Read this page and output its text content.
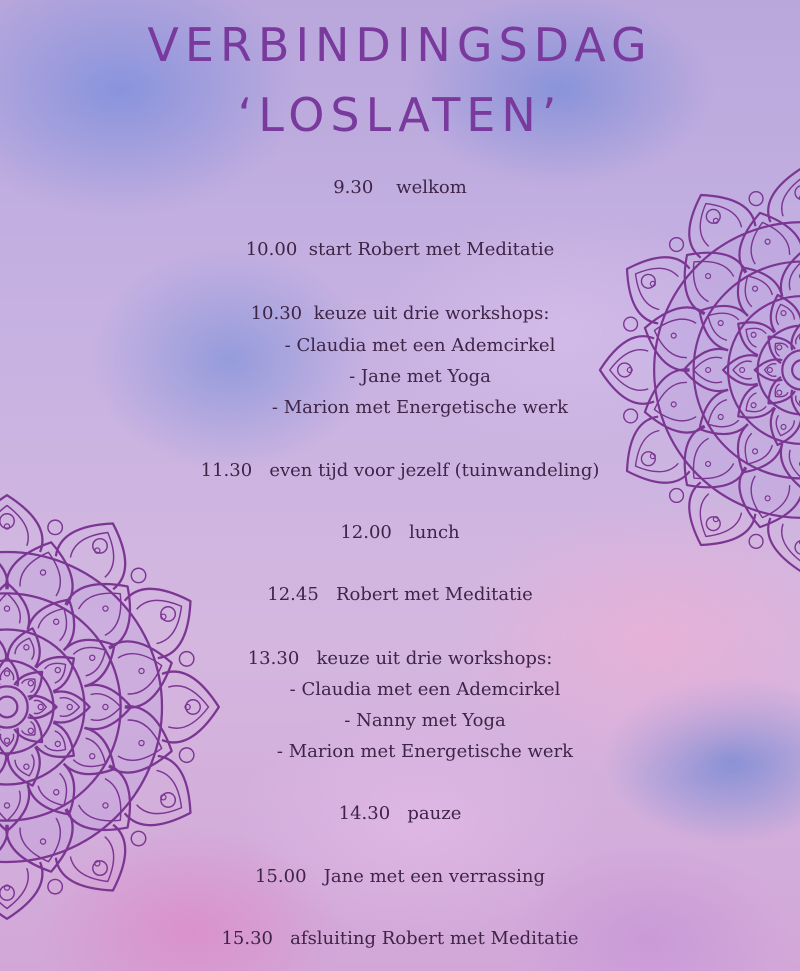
VERBINDINGSDAG
‘LOSLATEN’
9.30 welkom
10.00 start Robert met Meditatie
10.30 keuze uit drie workshops:
- Claudia met een Ademcirkel
- Jane met Yoga
- Marion met Energetische werk
11.30 even tijd voor jezelf (tuinwandeling)
12.00 lunch
12.45 Robert met Meditatie
13.30 keuze uit drie workshops:
- Claudia met een Ademcirkel
- Nanny met Yoga
- Marion met Energetische werk
14.30 pauze
15.00 Jane met een verrassing
15.30 afsluiting Robert met Meditatie
